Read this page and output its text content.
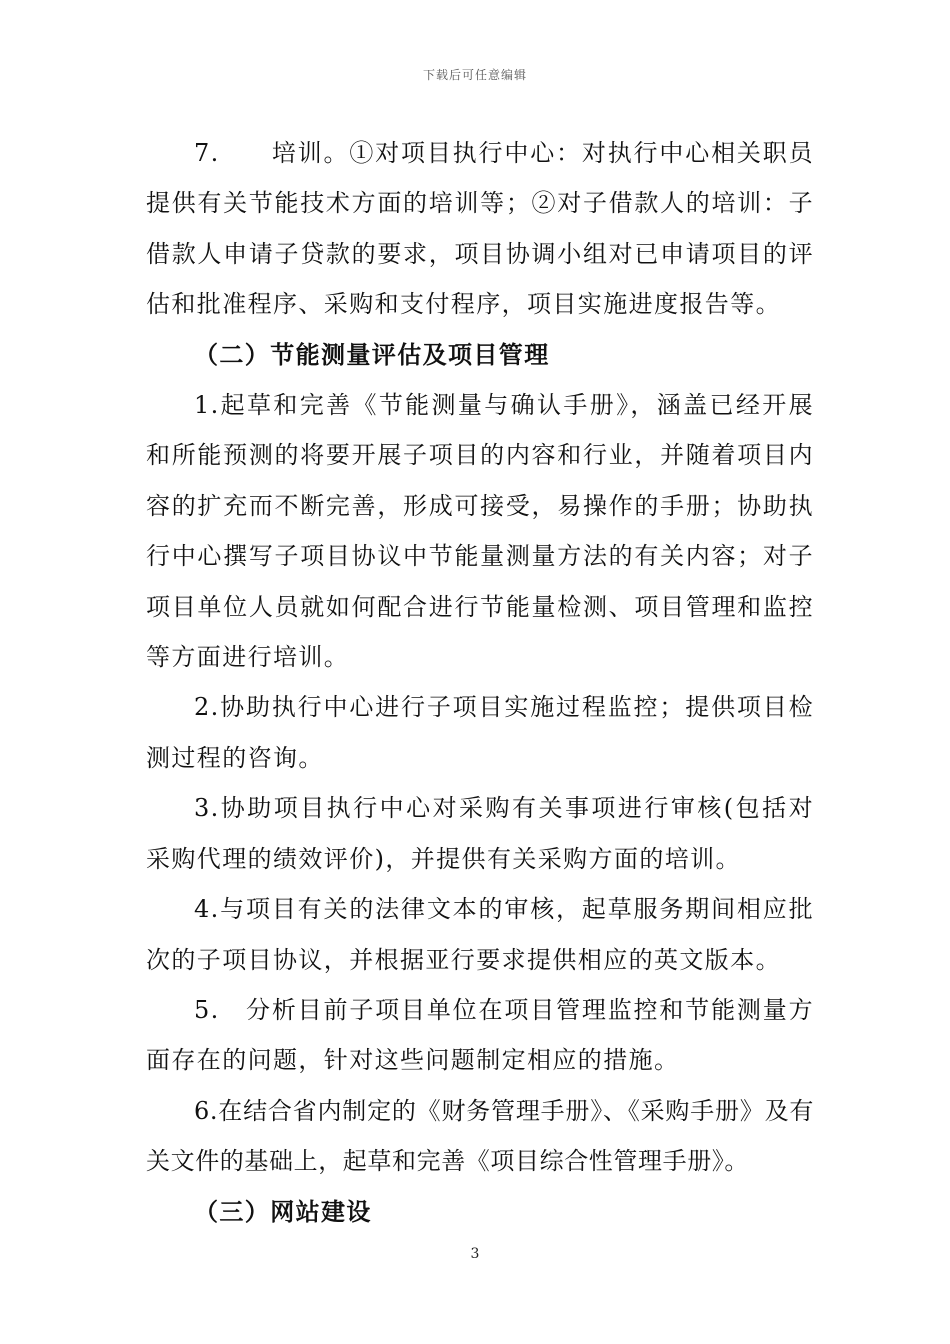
下载后可任意编辑

7.　　培训。①对项目执行中心：对执行中心相关职员提供有关节能技术方面的培训等；②对子借款人的培训：子借款人申请子贷款的要求，项目协调小组对已申请项目的评估和批准程序、采购和支付程序，项目实施进度报告等。

（二）节能测量评估及项目管理

1.起草和完善《节能测量与确认手册》，涵盖已经开展和所能预测的将要开展子项目的内容和行业，并随着项目内容的扩充而不断完善，形成可接受，易操作的手册；协助执行中心撰写子项目协议中节能量测量方法的有关内容；对子项目单位人员就如何配合进行节能量检测、项目管理和监控等方面进行培训。

2.协助执行中心进行子项目实施过程监控；提供项目检测过程的咨询。

3.协助项目执行中心对采购有关事项进行审核(包括对采购代理的绩效评价)，并提供有关采购方面的培训。

4.与项目有关的法律文本的审核，起草服务期间相应批次的子项目协议，并根据亚行要求提供相应的英文版本。

5.　分析目前子项目单位在项目管理监控和节能测量方面存在的问题，针对这些问题制定相应的措施。

6.在结合省内制定的《财务管理手册》、《采购手册》及有关文件的基础上，起草和完善《项目综合性管理手册》。

（三）网站建设

3
